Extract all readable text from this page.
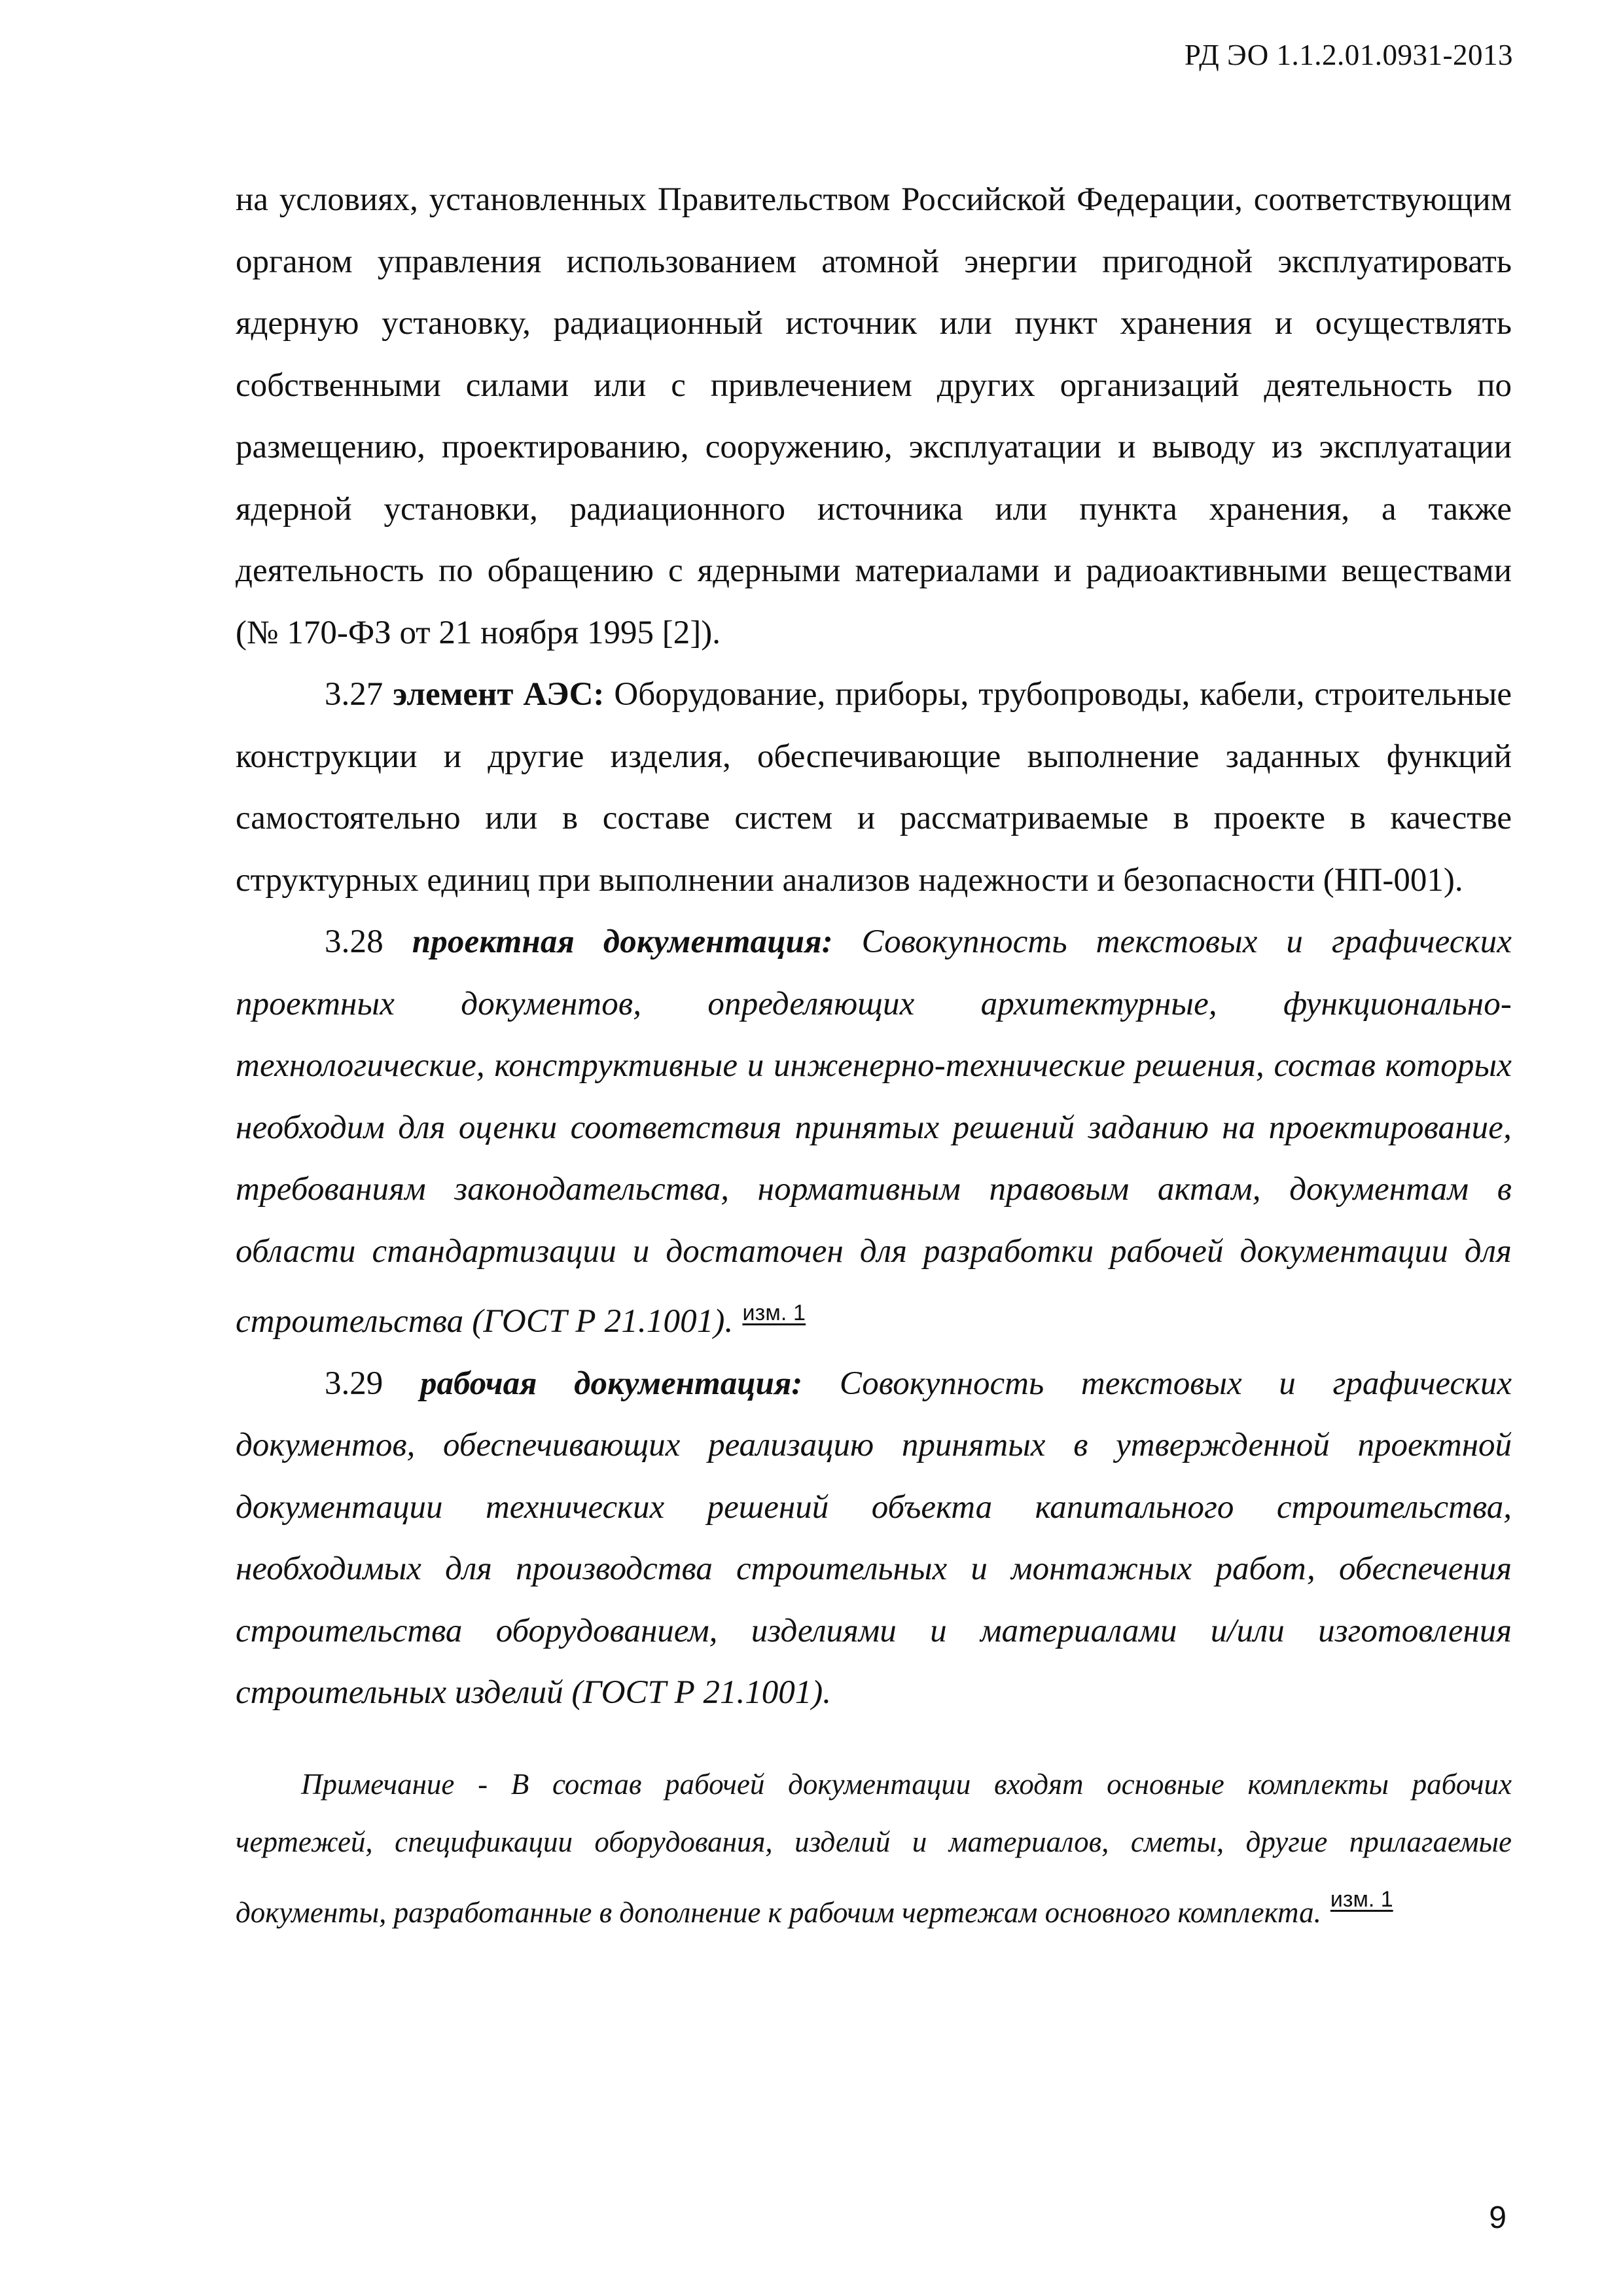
РД ЭО 1.1.2.01.0931-2013

на условиях, установленных Правительством Российской Федерации, соответствующим органом управления использованием атомной энергии пригодной эксплуатировать ядерную установку, радиационный источник или пункт хранения и осуществлять собственными силами или с привлечением других организаций деятельность по размещению, проектированию, сооружению, эксплуатации и выводу из эксплуатации ядерной установки, радиационного источника или пункта хранения, а также деятельность по обращению с ядерными материалами и радиоактивными веществами (№ 170-ФЗ от 21 ноября 1995 [2]).

3.27 элемент АЭС: Оборудование, приборы, трубопроводы, кабели, строительные конструкции и другие изделия, обеспечивающие выполнение заданных функций самостоятельно или в составе систем и рассматриваемые в проекте в качестве структурных единиц при выполнении анализов надежности и безопасности (НП-001).

3.28 проектная документация: Совокупность текстовых и графических проектных документов, определяющих архитектурные, функционально-технологические, конструктивные и инженерно-технические решения, состав которых необходим для оценки соответствия принятых решений заданию на проектирование, требованиям законодательства, нормативным правовым актам, документам в области стандартизации и достаточен для разработки рабочей документации для строительства (ГОСТ Р 21.1001). $^{изм. 1}$

3.29 рабочая документация: Совокупность текстовых и графических документов, обеспечивающих реализацию принятых в утвержденной проектной документации технических решений объекта капитального строительства, необходимых для производства строительных и монтажных работ, обеспечения строительства оборудованием, изделиями и материалами и/или изготовления строительных изделий (ГОСТ Р 21.1001).

Примечание - В состав рабочей документации входят основные комплекты рабочих чертежей, спецификации оборудования, изделий и материалов, сметы, другие прилагаемые документы, разработанные в дополнение к рабочим чертежам основного комплекта. $^{изм. 1}$

9
